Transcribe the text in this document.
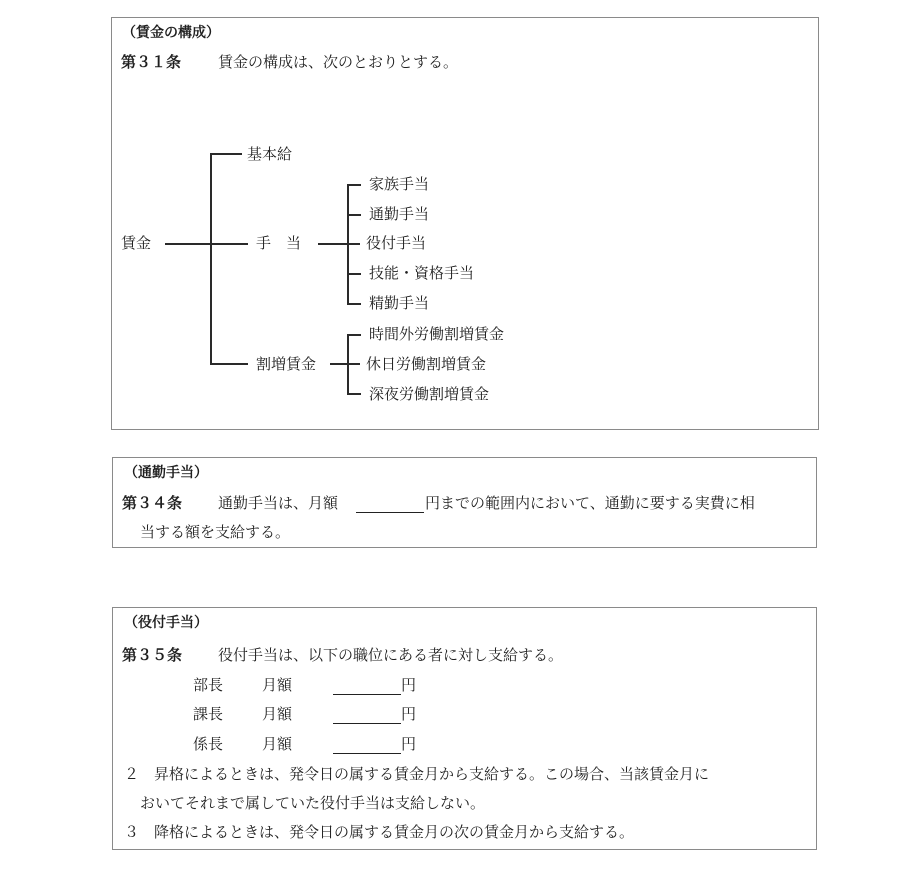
（賃金の構成）
第３１条 賃金の構成は、次のとおりとする。
賃金
基本給
手　当
割増賃金
家族手当
通勤手当
役付手当
技能・資格手当
精勤手当
時間外労働割増賃金
休日労働割増賃金
深夜労働割増賃金
（通勤手当）
第３４条 通勤手当は、月額	円までの範囲内において、通勤に要する実費に相
当する額を支給する。
（役付手当）
第３５条 役付手当は、以下の職位にある者に対し支給する。
部長	月額	円
課長	月額	円
係長	月額	円
２　昇格によるときは、発令日の属する賃金月から支給する。この場合、当該賃金月に
おいてそれまで属していた役付手当は支給しない。
３　降格によるときは、発令日の属する賃金月の次の賃金月から支給する。
